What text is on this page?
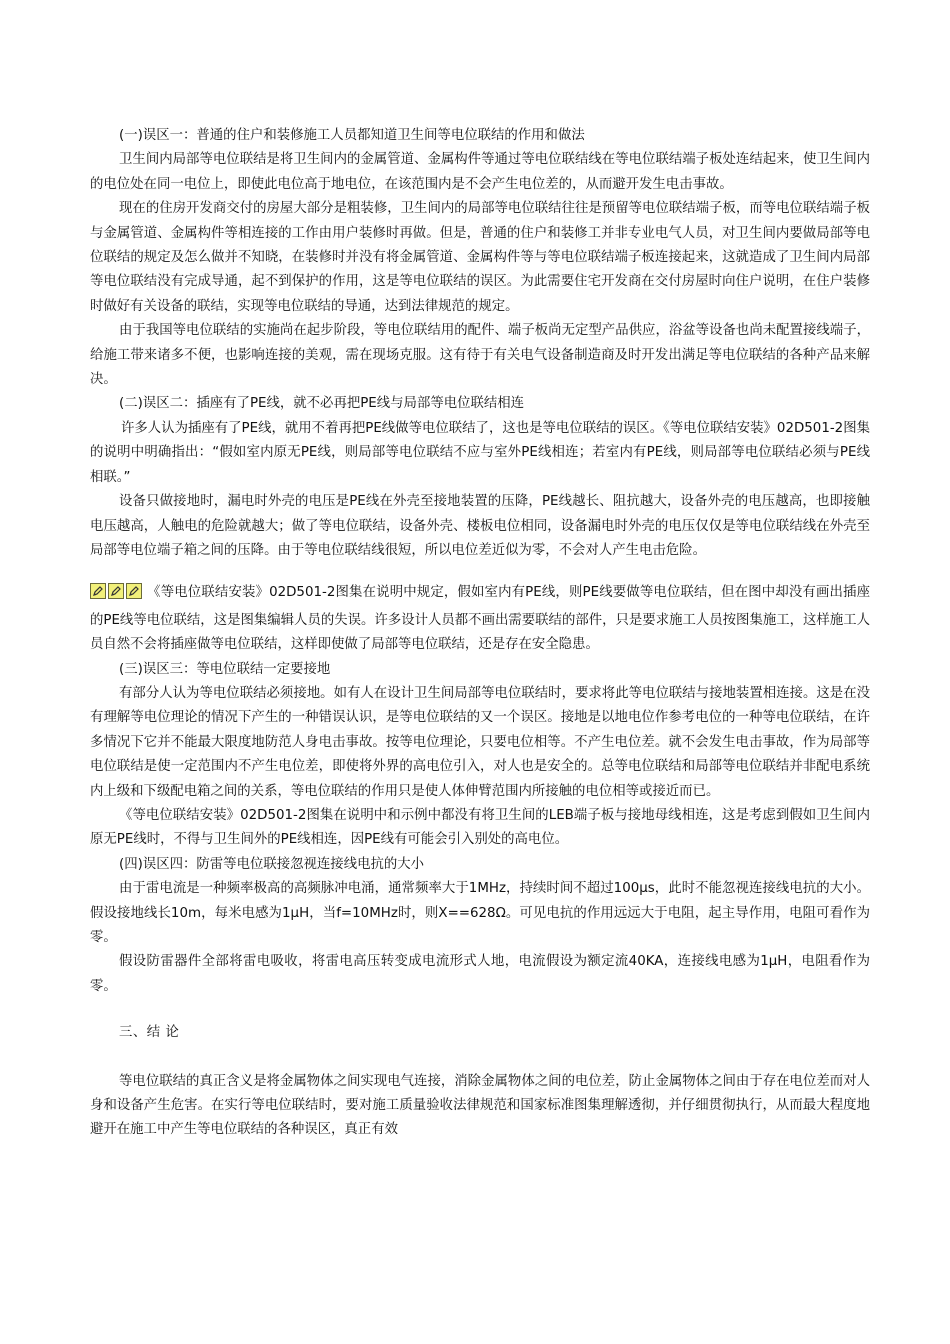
(一)误区一：普通的住户和装修施工人员都知道卫生间等电位联结的作用和做法

卫生间内局部等电位联结是将卫生间内的金属管道、金属构件等通过等电位联结线在等电位联结端子板处连结起来，使卫生间内的电位处在同一电位上，即使此电位高于地电位，在该范围内是不会产生电位差的，从而避开发生电击事故。

现在的住房开发商交付的房屋大部分是粗装修，卫生间内的局部等电位联结往往是预留等电位联结端子板，而等电位联结端子板与金属管道、金属构件等相连接的工作由用户装修时再做。但是，普通的住户和装修工并非专业电气人员，对卫生间内要做局部等电位联结的规定及怎么做并不知晓，在装修时并没有将金属管道、金属构件等与等电位联结端子板连接起来，这就造成了卫生间内局部等电位联结没有完成导通，起不到保护的作用，这是等电位联结的误区。为此需要住宅开发商在交付房屋时向住户说明，在住户装修时做好有关设备的联结，实现等电位联结的导通，达到法律规范的规定。

由于我国等电位联结的实施尚在起步阶段，等电位联结用的配件、端子板尚无定型产品供应，浴盆等设备也尚未配置接线端子，给施工带来诸多不便，也影响连接的美观，需在现场克服。这有待于有关电气设备制造商及时开发出满足等电位联结的各种产品来解决。

(二)误区二：插座有了PE线，就不必再把PE线与局部等电位联结相连

许多人认为插座有了PE线，就用不着再把PE线做等电位联结了，这也是等电位联结的误区。《等电位联结安装》02D501-2图集的说明中明确指出：“假如室内原无PE线，则局部等电位联结不应与室外PE线相连；若室内有PE线，则局部等电位联结必须与PE线相联。”

设备只做接地时，漏电时外壳的电压是PE线在外壳至接地装置的压降，PE线越长、阻抗越大，设备外壳的电压越高，也即接触电压越高，人触电的危险就越大；做了等电位联结，设备外壳、楼板电位相同，设备漏电时外壳的电压仅仅是等电位联结线在外壳至局部等电位端子箱之间的压降。由于等电位联结线很短，所以电位差近似为零，不会对人产生电击危险。

《等电位联结安装》02D501-2图集在说明中规定，假如室内有PE线，则PE线要做等电位联结，但在图中却没有画出插座的PE线等电位联结，这是图集编辑人员的失误。许多设计人员都不画出需要联结的部件，只是要求施工人员按图集施工，这样施工人员自然不会将插座做等电位联结，这样即使做了局部等电位联结，还是存在安全隐患。

(三)误区三：等电位联结一定要接地

有部分人认为等电位联结必须接地。如有人在设计卫生间局部等电位联结时，要求将此等电位联结与接地装置相连接。这是在没有理解等电位理论的情况下产生的一种错误认识，是等电位联结的又一个误区。接地是以地电位作参考电位的一种等电位联结，在许多情况下它并不能最大限度地防范人身电击事故。按等电位理论，只要电位相等。不产生电位差。就不会发生电击事故，作为局部等电位联结是使一定范围内不产生电位差，即使将外界的高电位引入，对人也是安全的。总等电位联结和局部等电位联结并非配电系统内上级和下级配电箱之间的关系，等电位联结的作用只是使人体伸臂范围内所接触的电位相等或接近而已。

《等电位联结安装》02D501-2图集在说明中和示例中都没有将卫生间的LEB端子板与接地母线相连，这是考虑到假如卫生间内原无PE线时，不得与卫生间外的PE线相连，因PE线有可能会引入别处的高电位。

(四)误区四：防雷等电位联接忽视连接线电抗的大小

由于雷电流是一种频率极高的高频脉冲电涌，通常频率大于1MHz，持续时间不超过100μs，此时不能忽视连接线电抗的大小。假设接地线长10m，每米电感为1μH，当f=10MHz时，则X==628Ω。可见电抗的作用远远大于电阻，起主导作用，电阻可看作为零。

假设防雷器件全部将雷电吸收，将雷电高压转变成电流形式人地，电流假设为额定流40KA，连接线电感为1μH，电阻看作为零。

三、结 论

等电位联结的真正含义是将金属物体之间实现电气连接，消除金属物体之间的电位差，防止金属物体之间由于存在电位差而对人身和设备产生危害。在实行等电位联结时，要对施工质量验收法律规范和国家标准图集理解透彻，并仔细贯彻执行，从而最大程度地避开在施工中产生等电位联结的各种误区，真正有效
